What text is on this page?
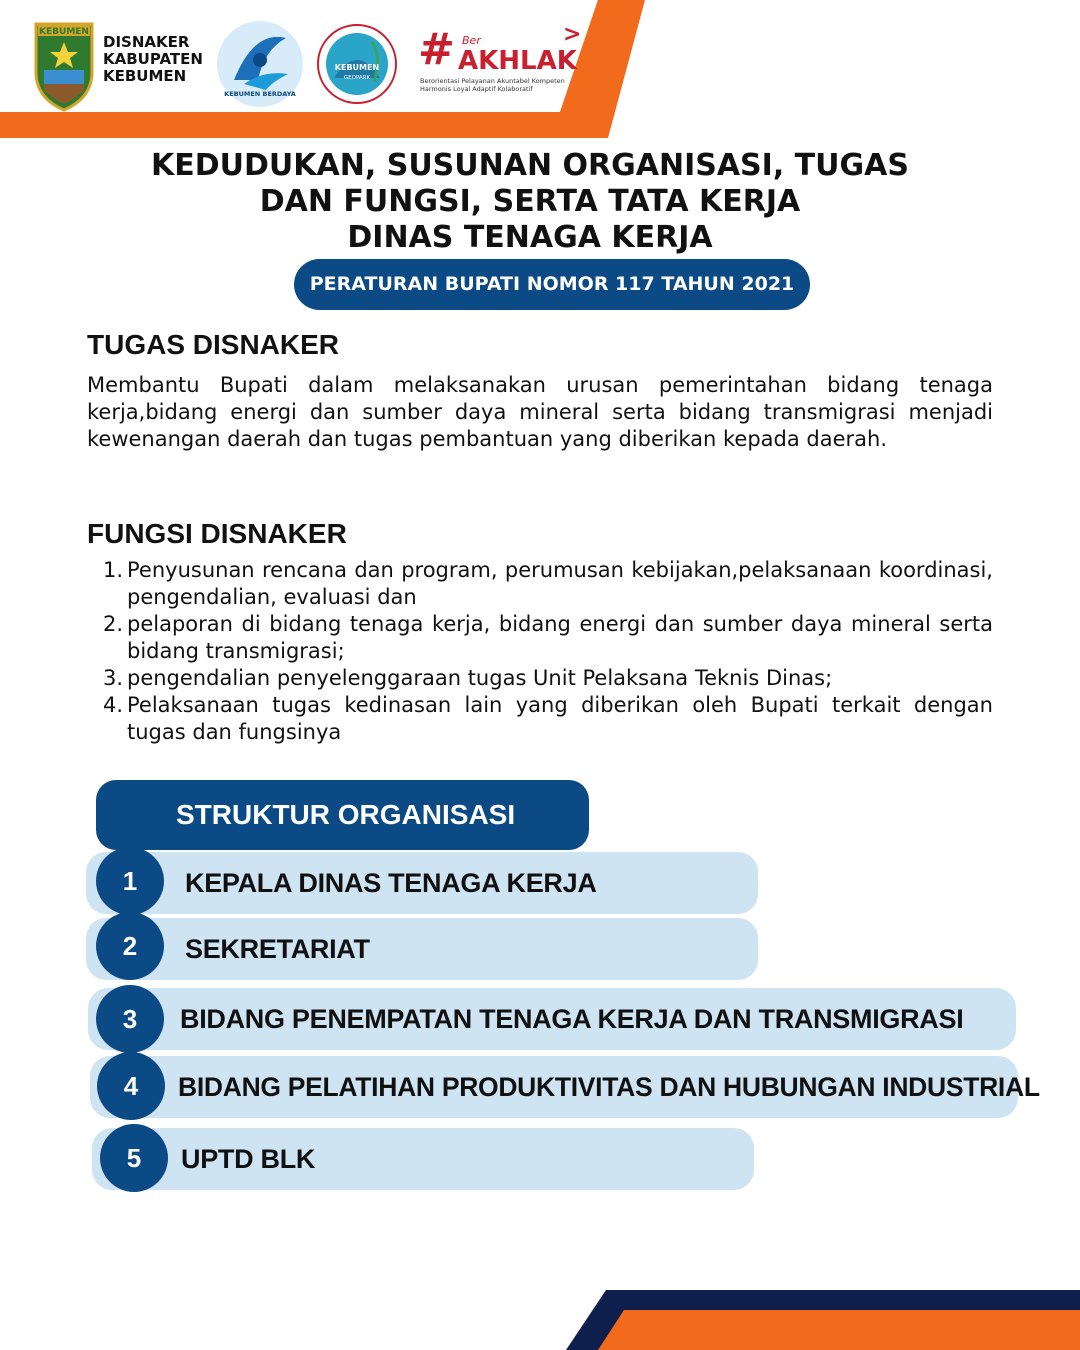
KEBUMEN
DISNAKER
KABUPATEN
KEBUMEN
KEBUMEN BERDAYA
KEBUMEN
GEOPARK
# Ber
AKHLAK
>
Berorientasi Pelayanan Akuntabel Kompeten
Harmonis Loyal Adaptif Kolaboratif
KEDUDUKAN, SUSUNAN ORGANISASI, TUGAS
DAN FUNGSI, SERTA TATA KERJA
DINAS TENAGA KERJA
PERATURAN BUPATI NOMOR 117 TAHUN 2021
TUGAS DISNAKER
Membantu Bupati dalam melaksanakan urusan pemerintahan bidang tenaga kerja,bidang energi dan sumber daya mineral serta bidang transmigrasi menjadi kewenangan daerah dan tugas pembantuan yang diberikan kepada daerah.
FUNGSI DISNAKER
1. Penyusunan rencana dan program, perumusan kebijakan,pelaksanaan koordinasi, pengendalian, evaluasi dan
2. pelaporan di bidang tenaga kerja, bidang energi dan sumber daya mineral serta bidang transmigrasi;
3. pengendalian penyelenggaraan tugas Unit Pelaksana Teknis Dinas;
4. Pelaksanaan tugas kedinasan lain yang diberikan oleh Bupati terkait dengan tugas dan fungsinya
STRUKTUR ORGANISASI
1	KEPALA DINAS TENAGA KERJA
2	SEKRETARIAT
3	BIDANG PENEMPATAN TENAGA KERJA DAN TRANSMIGRASI
4	BIDANG PELATIHAN PRODUKTIVITAS DAN HUBUNGAN INDUSTRIAL
5	UPTD BLK
